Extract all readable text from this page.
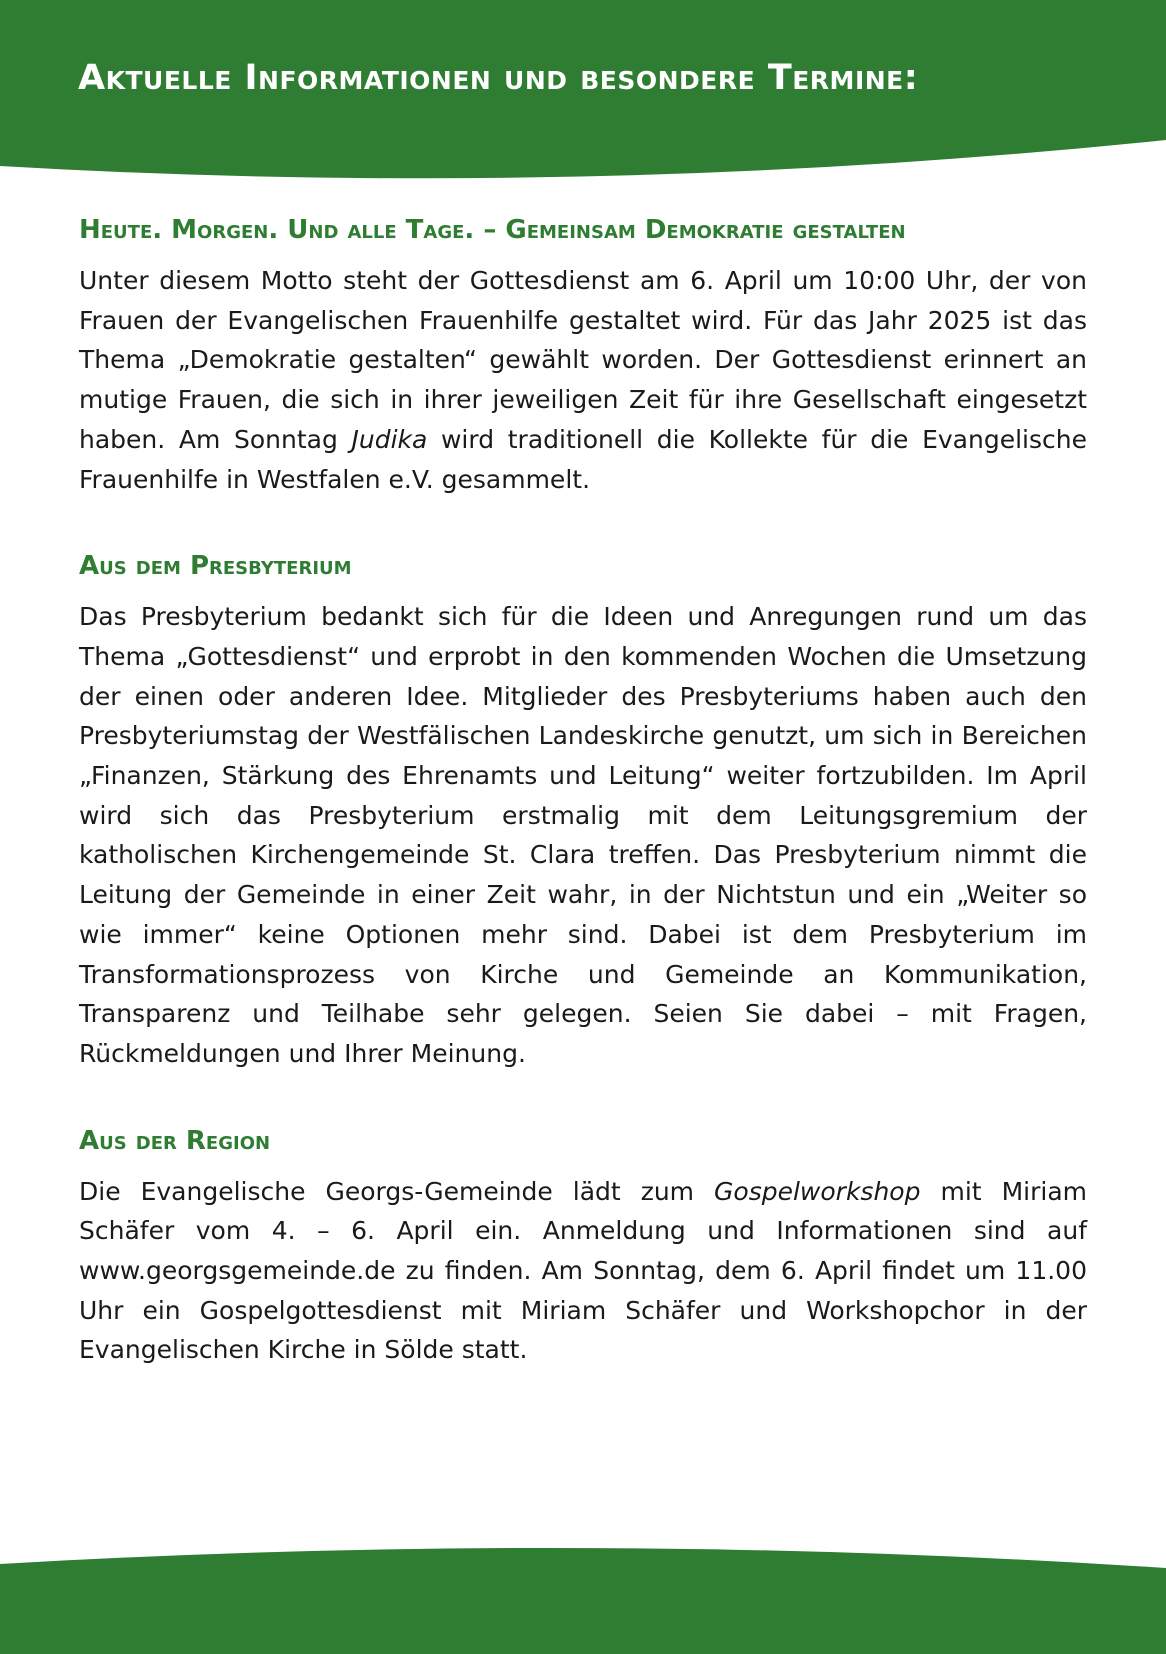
Aktuelle Informationen und besondere Termine:
Heute. Morgen. Und alle Tage. – Gemeinsam Demokratie gestalten

Unter diesem Motto steht der Gottesdienst am 6. April um 10:00 Uhr, der von Frauen der Evangelischen Frauenhilfe gestaltet wird. Für das Jahr 2025 ist das Thema „Demokratie gestalten“ gewählt worden. Der Gottesdienst erinnert an mutige Frauen, die sich in ihrer jeweiligen Zeit für ihre Gesellschaft eingesetzt haben. Am Sonntag Judika wird traditionell die Kollekte für die Evangelische Frauenhilfe in Westfalen e.V. gesammelt.

Aus dem Presbyterium

Das Presbyterium bedankt sich für die Ideen und Anregungen rund um das Thema „Gottesdienst“ und erprobt in den kommenden Wochen die Umsetzung der einen oder anderen Idee. Mitglieder des Presbyteriums haben auch den Presbyteriumstag der Westfälischen Landeskirche genutzt, um sich in Bereichen „Finanzen, Stärkung des Ehrenamts und Leitung“ weiter fortzubilden. Im April wird sich das Presbyterium erstmalig mit dem Leitungsgremium der katholischen Kirchengemeinde St. Clara treffen. Das Presbyterium nimmt die Leitung der Gemeinde in einer Zeit wahr, in der Nichtstun und ein „Weiter so wie immer“ keine Optionen mehr sind. Dabei ist dem Presbyterium im Transformationsprozess von Kirche und Gemeinde an Kommunikation, Transparenz und Teilhabe sehr gelegen. Seien Sie dabei – mit Fragen, Rückmeldungen und Ihrer Meinung.

Aus der Region

Die Evangelische Georgs-Gemeinde lädt zum Gospelworkshop mit Miriam Schäfer vom 4. – 6. April ein. Anmeldung und Informationen sind auf www.georgsgemeinde.de zu finden. Am Sonntag, dem 6. April findet um 11.00 Uhr ein Gospelgottesdienst mit Miriam Schäfer und Workshopchor in der Evangelischen Kirche in Sölde statt.
